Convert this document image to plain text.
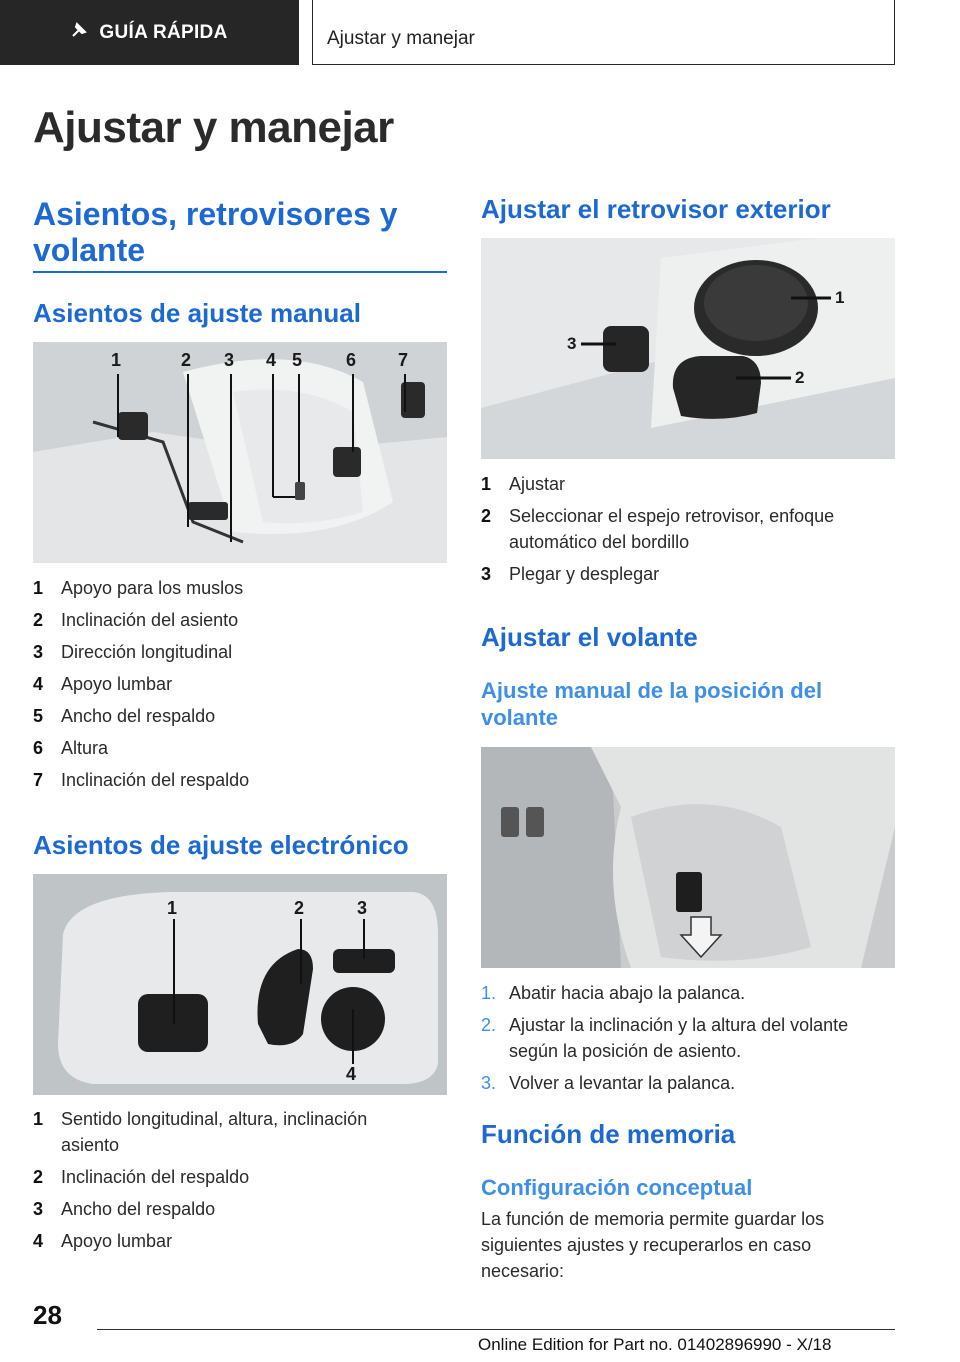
GUÍA RÁPIDA	Ajustar y manejar
Ajustar y manejar
Asientos, retrovisores y volante
Asientos de ajuste manual
1	2 3 4 5 6 7
1 Apoyo para los muslos
2 Inclinación del asiento
3 Dirección longitudinal
4 Apoyo lumbar
5 Ancho del respaldo
6 Altura
7 Inclinación del respaldo
Asientos de ajuste electrónico
1	2	3
4
1 Sentido longitudinal, altura, inclinación asiento
2 Inclinación del respaldo
3 Ancho del respaldo
4 Apoyo lumbar
Ajustar el retrovisor exterior
1
2
3
1 Ajustar
2 Seleccionar el espejo retrovisor, enfoque automático del bordillo
3 Plegar y desplegar
Ajustar el volante
Ajuste manual de la posición del volante
1. Abatir hacia abajo la palanca.
2. Ajustar la inclinación y la altura del volante según la posición de asiento.
3. Volver a levantar la palanca.
Función de memoria
Configuración conceptual
La función de memoria permite guardar los siguientes ajustes y recuperarlos en caso necesario:
28
Online Edition for Part no. 01402896990 - X/18
